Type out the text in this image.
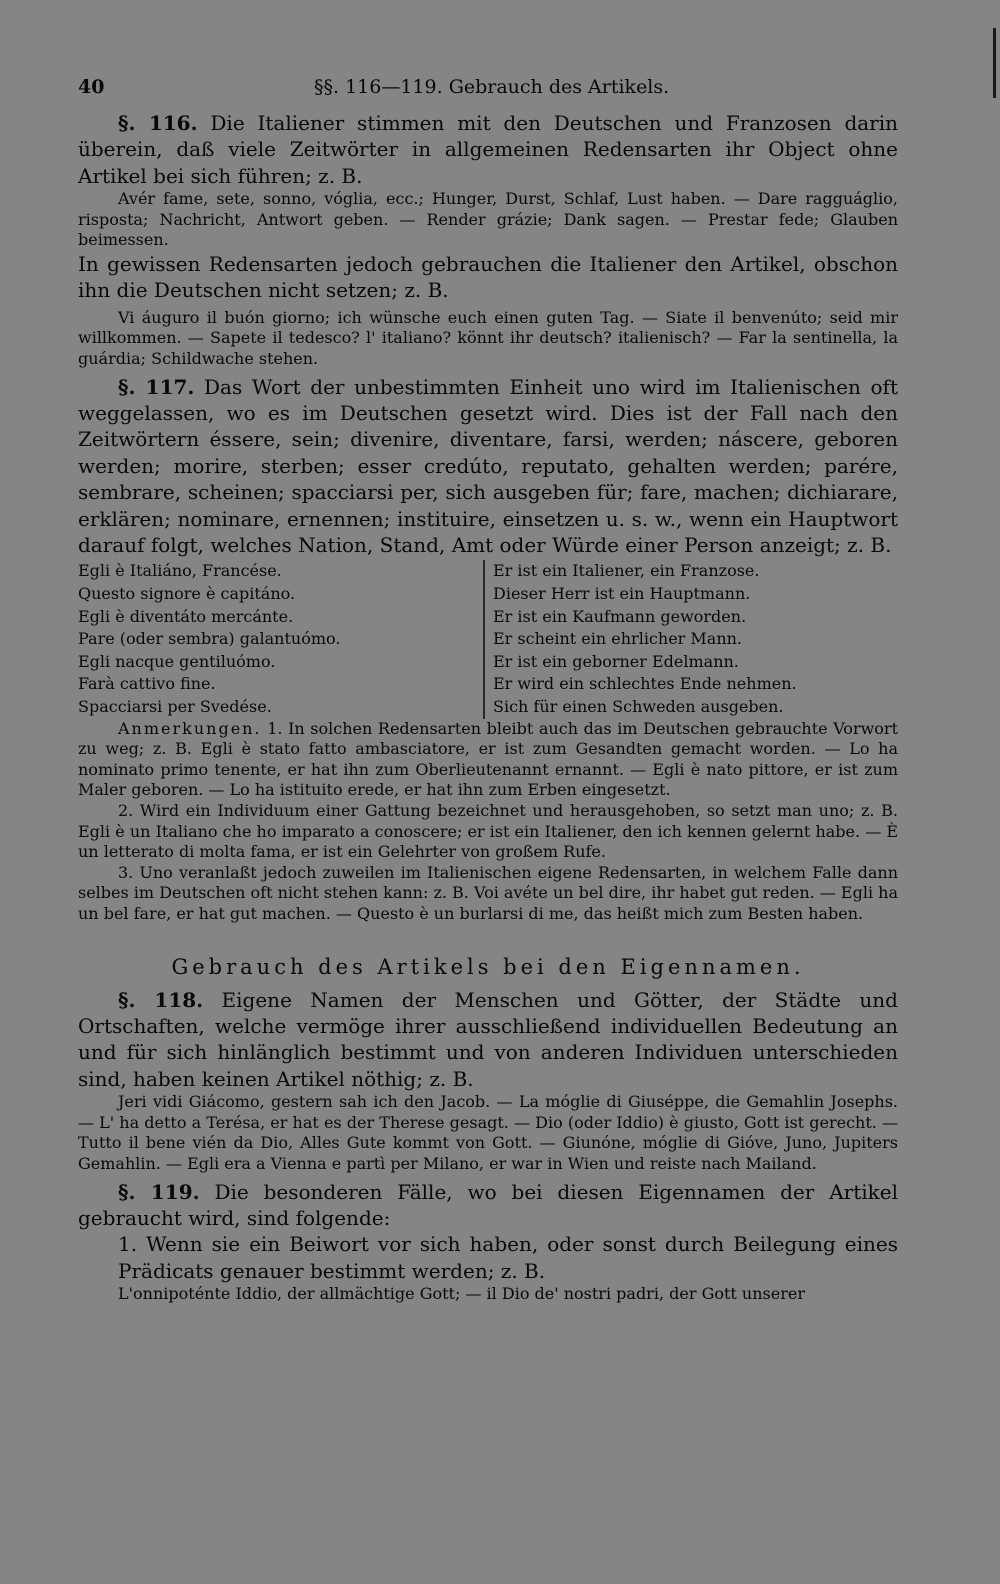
40	§§. 116—119. Gebrauch des Artikels.

§. 116. Die Italiener stimmen mit den Deutschen und Franzosen darin überein, daß viele Zeitwörter in allgemeinen Redensarten ihr Object ohne Artikel bei sich führen; z. B.

Avér fame, sete, sonno, vóglia, ecc.; Hunger, Durst, Schlaf, Lust haben. — Dare ragguáglio, risposta; Nachricht, Antwort geben. — Render grázie; Dank sagen. — Prestar fede; Glauben beimessen.

In gewissen Redensarten jedoch gebrauchen die Italiener den Artikel, obschon ihn die Deutschen nicht setzen; z. B.

Vi áuguro il buón giorno; ich wünsche euch einen guten Tag. — Siate il benvenúto; seid mir willkommen. — Sapete il tedesco? l' italiano? könnt ihr deutsch? italienisch? — Far la sentinella, la guárdia; Schildwache stehen.

§. 117. Das Wort der unbestimmten Einheit uno wird im Italienischen oft weggelassen, wo es im Deutschen gesetzt wird. Dies ist der Fall nach den Zeitwörtern éssere, sein; divenire, diventare, farsi, werden; náscere, geboren werden; morire, sterben; esser credúto, reputato, gehalten werden; parére, sembrare, scheinen; spacciarsi per, sich ausgeben für; fare, machen; dichiarare, erklären; nominare, ernennen; instituire, einsetzen u. s. w., wenn ein Hauptwort darauf folgt, welches Nation, Stand, Amt oder Würde einer Person anzeigt; z. B.

Egli è Italiáno, Francése.	Er ist ein Italiener, ein Franzose.
Questo signore è capitáno.	Dieser Herr ist ein Hauptmann.
Egli è diventáto mercánte.	Er ist ein Kaufmann geworden.
Pare (oder sembra) galantuómo.	Er scheint ein ehrlicher Mann.
Egli nacque gentiluómo.	Er ist ein geborner Edelmann.
Farà cattivo fine.	Er wird ein schlechtes Ende nehmen.
Spacciarsi per Svedése.	Sich für einen Schweden ausgeben.

Anmerkungen. 1. In solchen Redensarten bleibt auch das im Deutschen gebrauchte Vorwort zu weg; z. B. Egli è stato fatto ambasciatore, er ist zum Gesandten gemacht worden. — Lo ha nominato primo tenente, er hat ihn zum Oberlieutenannt ernannt. — Egli è nato pittore, er ist zum Maler geboren. — Lo ha istituito erede, er hat ihn zum Erben eingesetzt.

2. Wird ein Individuum einer Gattung bezeichnet und herausgehoben, so setzt man uno; z. B. Egli è un Italiano che ho imparato a conoscere; er ist ein Italiener, den ich kennen gelernt habe. — È un letterato di molta fama, er ist ein Gelehrter von großem Rufe.

3. Uno veranlaßt jedoch zuweilen im Italienischen eigene Redensarten, in welchem Falle dann selbes im Deutschen oft nicht stehen kann: z. B. Voi avéte un bel dire, ihr habet gut reden. — Egli ha un bel fare, er hat gut machen. — Questo è un burlarsi di me, das heißt mich zum Besten haben.

Gebrauch des Artikels bei den Eigennamen.

§. 118. Eigene Namen der Menschen und Götter, der Städte und Ortschaften, welche vermöge ihrer ausschließend individuellen Bedeutung an und für sich hinlänglich bestimmt und von anderen Individuen unterschieden sind, haben keinen Artikel nöthig; z. B.

Jeri vidi Giácomo, gestern sah ich den Jacob. — La móglie di Giuséppe, die Gemahlin Josephs. — L' ha detto a Terésa, er hat es der Therese gesagt. — Dio (oder Iddio) è giusto, Gott ist gerecht. — Tutto il bene vién da Dio, Alles Gute kommt von Gott. — Giunóne, móglie di Gióve, Juno, Jupiters Gemahlin. — Egli era a Vienna e partì per Milano, er war in Wien und reiste nach Mailand.

§. 119. Die besonderen Fälle, wo bei diesen Eigennamen der Artikel gebraucht wird, sind folgende:

1. Wenn sie ein Beiwort vor sich haben, oder sonst durch Beilegung eines Prädicats genauer bestimmt werden; z. B.

L'onnipoténte Iddio, der allmächtige Gott; — il Dio de' nostri padri, der Gott unserer
